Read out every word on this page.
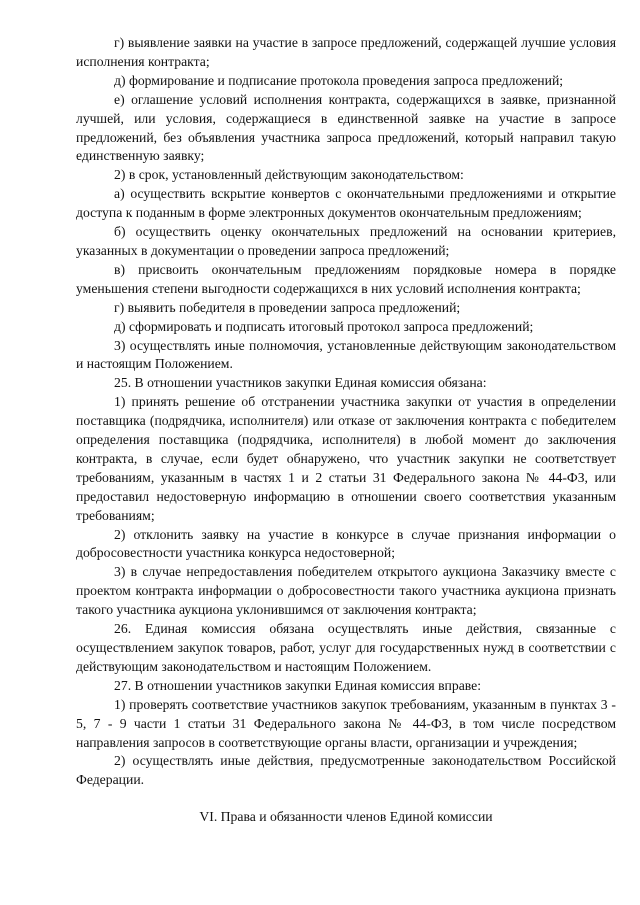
г) выявление заявки на участие в запросе предложений, содержащей лучшие условия исполнения контракта;

д) формирование и подписание протокола проведения запроса предложений;

е) оглашение условий исполнения контракта, содержащихся в заявке, признанной лучшей, или условия, содержащиеся в единственной заявке на участие в запросе предложений, без объявления участника запроса предложений, который направил такую единственную заявку;

2) в срок, установленный действующим законодательством:

а) осуществить вскрытие конвертов с окончательными предложениями и открытие доступа к поданным в форме электронных документов окончательным предложениям;

б) осуществить оценку окончательных предложений на основании критериев, указанных в документации о проведении запроса предложений;

в) присвоить окончательным предложениям порядковые номера в порядке уменьшения степени выгодности содержащихся в них условий исполнения контракта;

г) выявить победителя в проведении запроса предложений;

д) сформировать и подписать итоговый протокол запроса предложений;

3) осуществлять иные полномочия, установленные действующим законодательством и настоящим Положением.

25. В отношении участников закупки Единая комиссия обязана:

1) принять решение об отстранении участника закупки от участия в определении поставщика (подрядчика, исполнителя) или отказе от заключения контракта с победителем определения поставщика (подрядчика, исполнителя) в любой момент до заключения контракта, в случае, если будет обнаружено, что участник закупки не соответствует требованиям, указанным в частях 1 и 2 статьи 31 Федерального закона № 44-ФЗ, или предоставил недостоверную информацию в отношении своего соответствия указанным требованиям;

2) отклонить заявку на участие в конкурсе в случае признания информации о добросовестности участника конкурса недостоверной;

3) в случае непредоставления победителем открытого аукциона Заказчику вместе с проектом контракта информации о добросовестности такого участника аукциона признать такого участника аукциона уклонившимся от заключения контракта;

26. Единая комиссия обязана осуществлять иные действия, связанные с осуществлением закупок товаров, работ, услуг для государственных нужд в соответствии с действующим законодательством и настоящим Положением.

27. В отношении участников закупки Единая комиссия вправе:

1) проверять соответствие участников закупок требованиям, указанным в пунктах 3 - 5, 7 - 9 части 1 статьи 31 Федерального закона № 44-ФЗ, в том числе посредством направления запросов в соответствующие органы власти, организации и учреждения;

2) осуществлять иные действия, предусмотренные законодательством Российской Федерации.

VI. Права и обязанности членов Единой комиссии
